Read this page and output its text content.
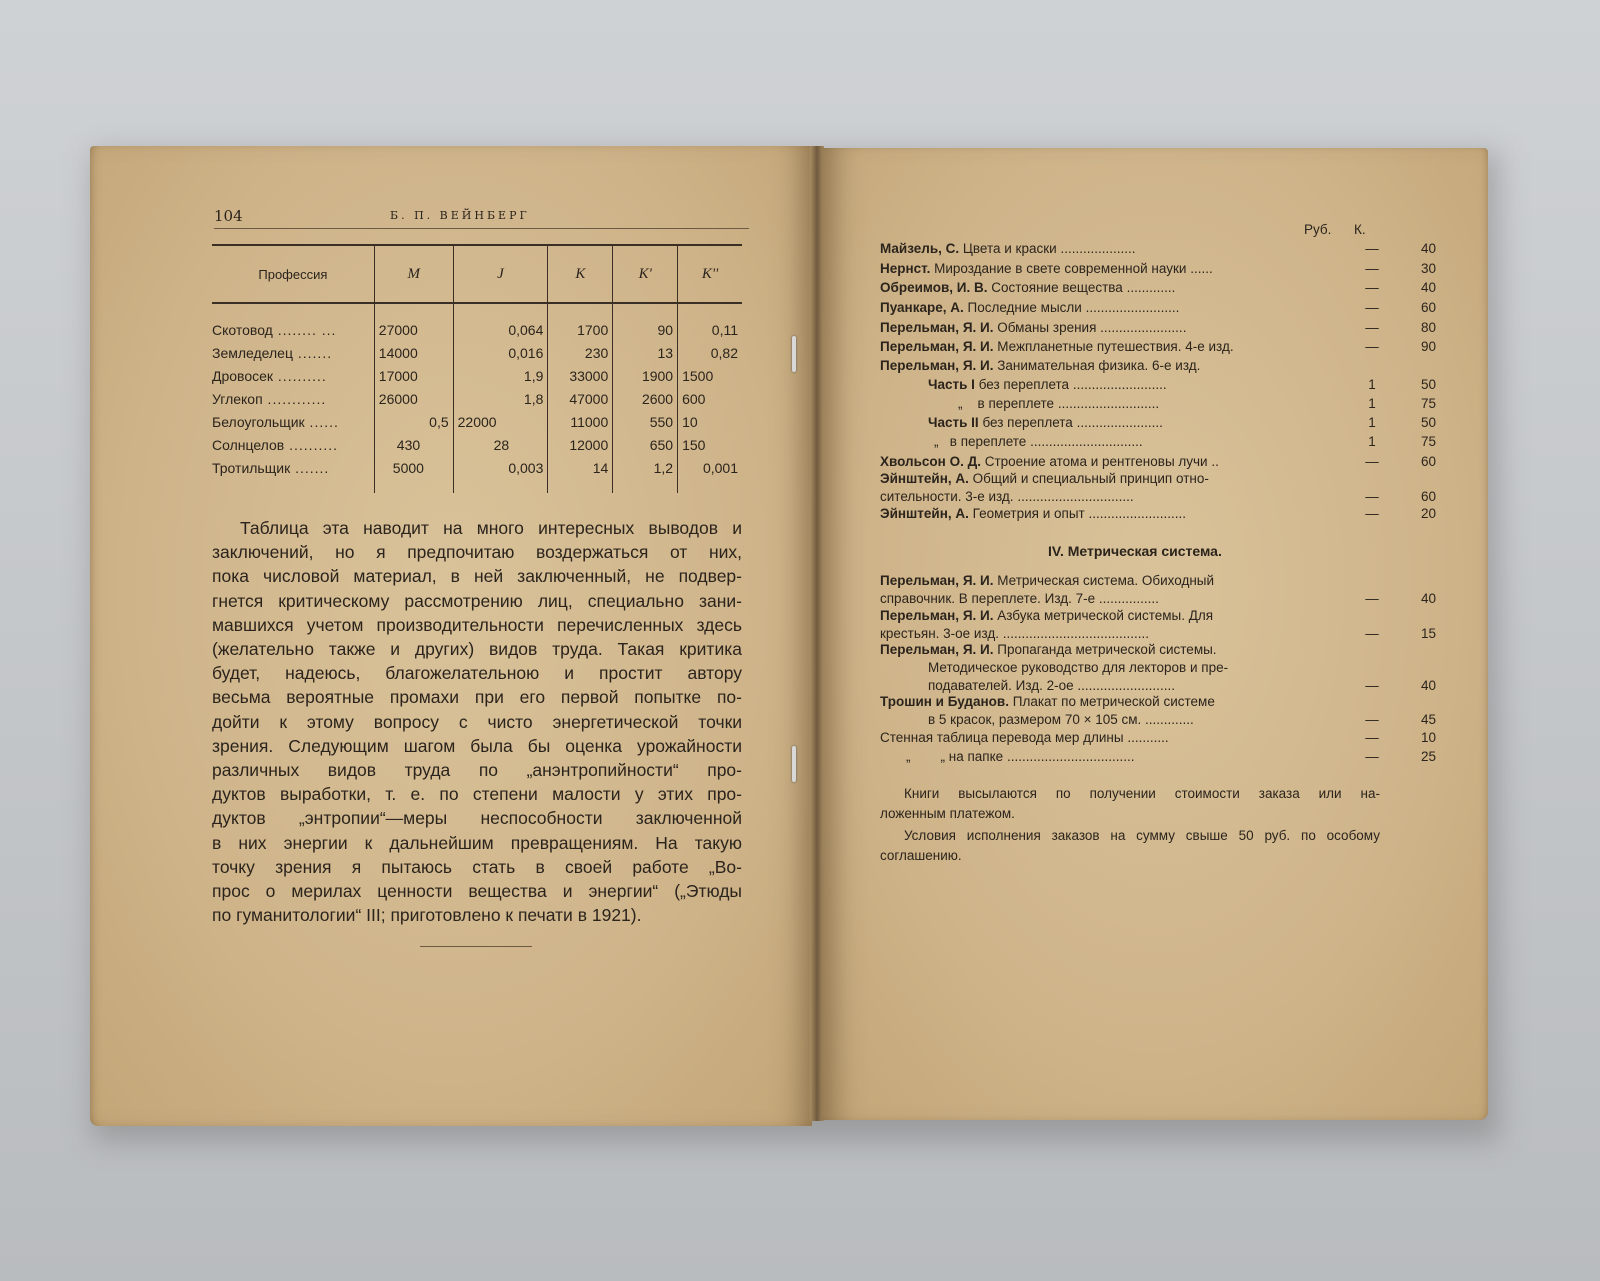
104	Б. П. ВЕЙНБЕРГ
Профессия	M	J	K	K'	K''
Скотовод ........ ...	27000	0,064	1700	90	0,11
Земледелец .......	14000	0,016	230	13	0,82
Дровосек ..........	17000	1,9	33000	1900	1500
Углекоп ............	26000	1,8	47000	2600	600
Белоугольщик ......	0,5	22000	11000	550	10
Солнцелов ..........	430	28	12000	650	150
Тротильщик .......	5000	0,003	14	1,2	0,001
Таблица эта наводит на много интересных выводов и
заключений, но я предпочитаю воздержаться от них,
пока числовой материал, в ней заключенный, не подвер-
гнется критическому рассмотрению лиц, специально зани-
мавшихся учетом производительности перечисленных здесь
(желательно также и других) видов труда. Такая критика
будет, надеюсь, благожелательною и простит автору
весьма вероятные промахи при его первой попытке по-
дойти к этому вопросу с чисто энергетической точки
зрения. Следующим шагом была бы оценка урожайности
различных видов труда по „анэнтропийности“ про-
дуктов выработки, т. е. по степени малости у этих про-
дуктов „энтропии“—меры неспособности заключенной
в них энергии к дальнейшим превращениям. На такую
точку зрения я пытаюсь стать в своей работе „Во-
прос о мерилах ценности вещества и энергии“ („Этюды
по гуманитологии“ III; приготовлено к печати в 1921).
Руб. К.
Майзель, С. Цвета и краски ....................	—	40
Нернст. Мироздание в свете современной науки ......	—	30
Обреимов, И. В. Состояние вещества .............	—	40
Пуанкаре, А. Последние мысли .........................	—	60
Перельман, Я. И. Обманы зрения .......................	—	80
Перельман, Я. И. Межпланетные путешествия. 4-е изд.	—	90
Перельман, Я. И. Занимательная физика. 6-е изд.
Часть I без переплета .........................	1	50
„ в переплете ...........................	1	75
Часть II без переплета .......................	1	50
„ в переплете ..............................	1	75
Хвольсон О. Д. Строение атома и рентгеновы лучи ..	—	60
Эйнштейн, А. Общий и специальный принцип отно-
сительности. 3-е изд. ...............................	—	60
Эйнштейн, А. Геометрия и опыт ..........................	—	20
IV. Метрическая система.
Перельман, Я. И. Метрическая система. Обиходный
справочник. В переплете. Изд. 7-е ................	—	40
Перельман, Я. И. Азбука метрической системы. Для
крестьян. 3-ое изд. .......................................	—	15
Перельман, Я. И. Пропаганда метрической системы.
Методическое руководство для лекторов и пре-
подавателей. Изд. 2-ое ..........................	—	40
Трошин и Буданов. Плакат по метрической системе
в 5 красок, размером 70 × 105 см. .............	—	45
Стенная таблица перевода мер длины ...........	—	10
„ „ на папке ..................................	—	25
Книги высылаются по получении стоимости заказа или на-
ложенным платежом.
Условия исполнения заказов на сумму свыше 50 руб. по особому
соглашению.
